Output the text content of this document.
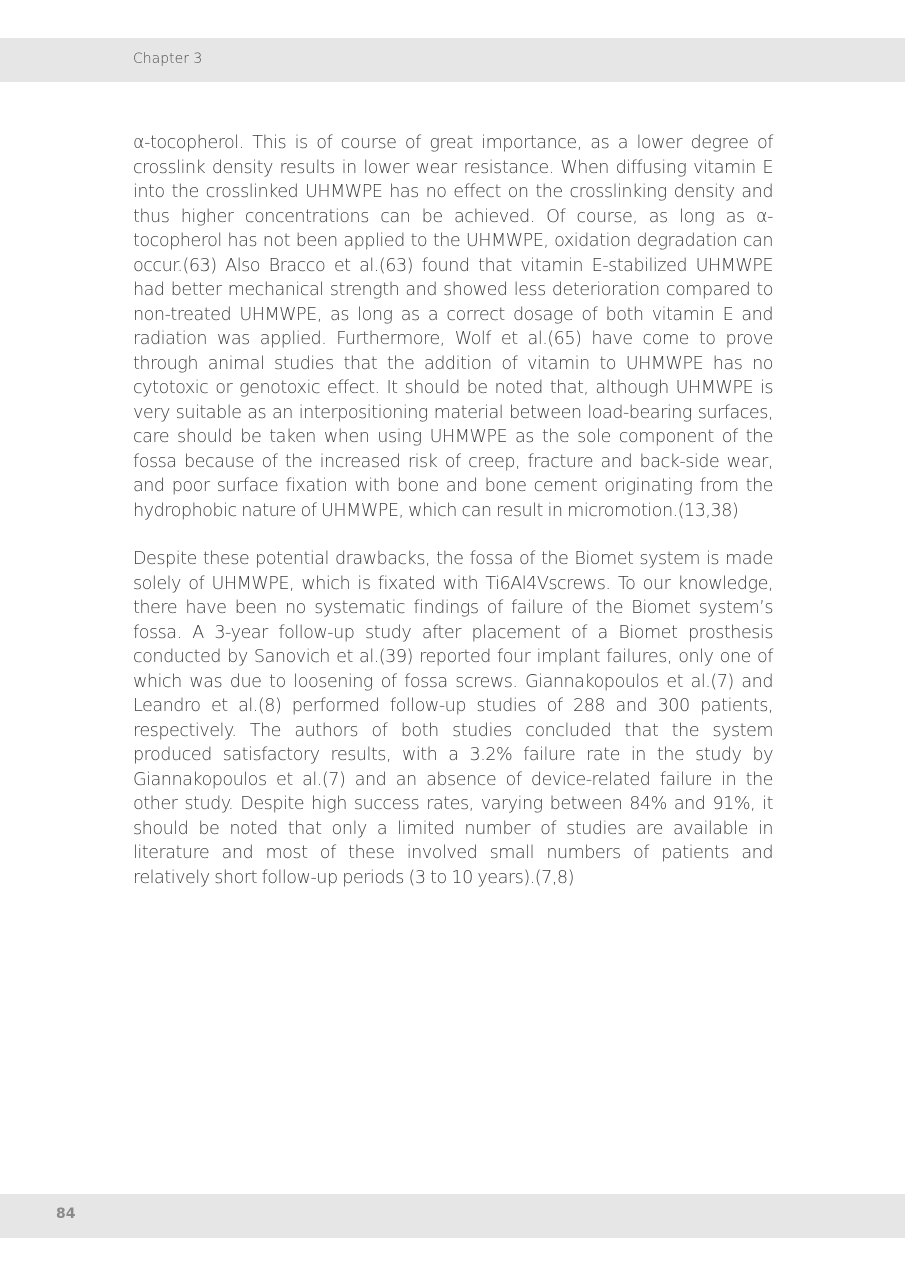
Chapter 3

α-tocopherol. This is of course of great importance, as a lower degree of crosslink density results in lower wear resistance. When diffusing vitamin E into the crosslinked UHMWPE has no effect on the crosslinking density and thus higher concentrations can be achieved. Of course, as long as α-tocopherol has not been applied to the UHMWPE, oxidation degradation can occur.(63) Also Bracco et al.(63) found that vitamin E-stabilized UHMWPE had better mechanical strength and showed less deterioration compared to non-treated UHMWPE, as long as a correct dosage of both vitamin E and radiation was applied. Furthermore, Wolf et al.(65) have come to prove through animal studies that the addition of vitamin to UHMWPE has no cytotoxic or genotoxic effect. It should be noted that, although UHMWPE is very suitable as an interpositioning material between load-bearing surfaces, care should be taken when using UHMWPE as the sole component of the fossa because of the increased risk of creep, fracture and back-side wear, and poor surface fixation with bone and bone cement originating from the hydrophobic nature of UHMWPE, which can result in micromotion.(13,38)

Despite these potential drawbacks, the fossa of the Biomet system is made solely of UHMWPE, which is fixated with Ti6Al4Vscrews. To our knowledge, there have been no systematic findings of failure of the Biomet system’s fossa. A 3-year follow-up study after placement of a Biomet prosthesis conducted by Sanovich et al.(39) reported four implant failures, only one of which was due to loosening of fossa screws. Giannakopoulos et al.(7) and Leandro et al.(8) performed follow-up studies of 288 and 300 patients, respectively. The authors of both studies concluded that the system produced satisfactory results, with a 3.2% failure rate in the study by Giannakopoulos et al.(7) and an absence of device-related failure in the other study. Despite high success rates, varying between 84% and 91%, it should be noted that only a limited number of studies are available in literature and most of these involved small numbers of patients and relatively short follow-up periods (3 to 10 years).(7,8)

84
